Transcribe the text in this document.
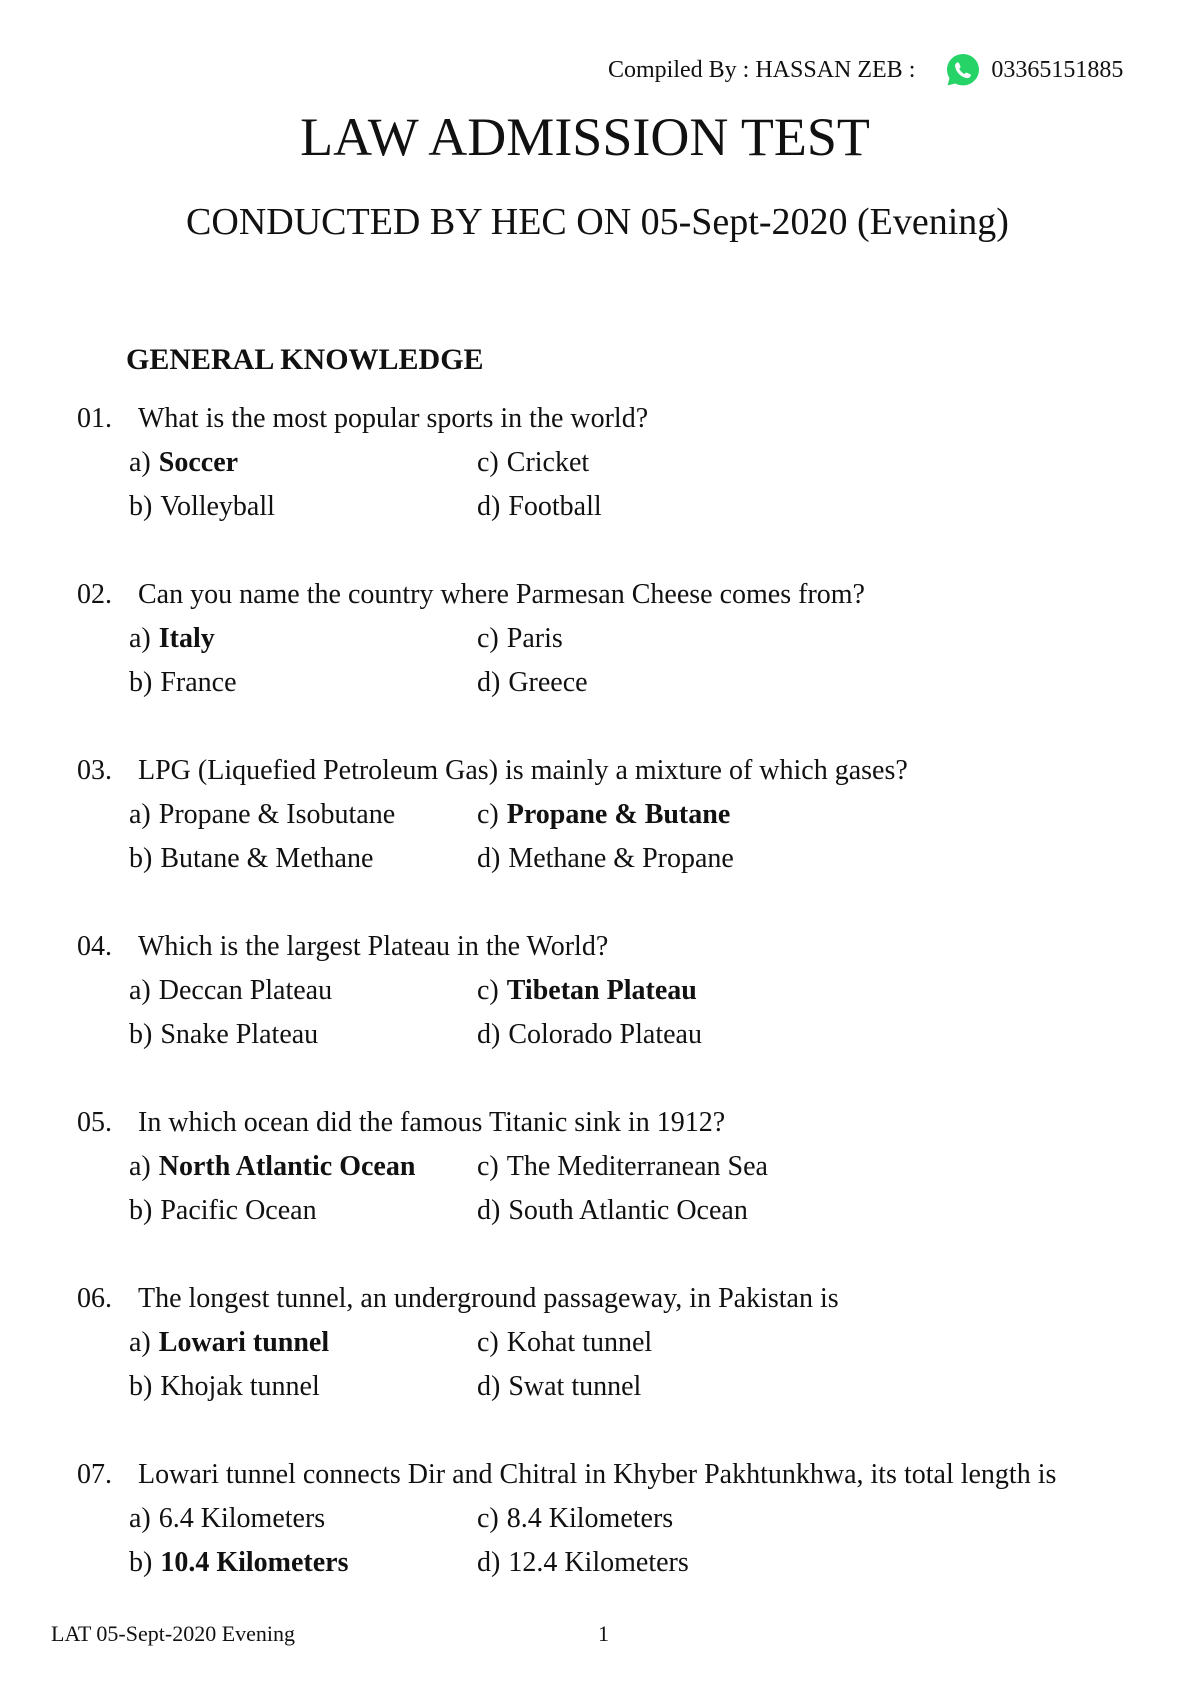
Compiled By : HASSAN ZEB :	03365151885
LAW ADMISSION TEST
CONDUCTED BY HEC ON 05-Sept-2020 (Evening)
GENERAL KNOWLEDGE
01. What is the most popular sports in the world?
a) Soccer	c) Cricket
b) Volleyball	d) Football
02. Can you name the country where Parmesan Cheese comes from?
a) Italy	c) Paris
b) France	d) Greece
03. LPG (Liquefied Petroleum Gas) is mainly a mixture of which gases?
a) Propane & Isobutane	c) Propane & Butane
b) Butane & Methane	d) Methane & Propane
04. Which is the largest Plateau in the World?
a) Deccan Plateau	c) Tibetan Plateau
b) Snake Plateau	d) Colorado Plateau
05. In which ocean did the famous Titanic sink in 1912?
a) North Atlantic Ocean c) The Mediterranean Sea
b) Pacific Ocean	d) South Atlantic Ocean
06. The longest tunnel, an underground passageway, in Pakistan is
a) Lowari tunnel	c) Kohat tunnel
b) Khojak tunnel	d) Swat tunnel
07. Lowari tunnel connects Dir and Chitral in Khyber Pakhtunkhwa, its total length is
a) 6.4 Kilometers	c) 8.4 Kilometers
b) 10.4 Kilometers	d) 12.4 Kilometers
LAT 05-Sept-2020 Evening	1
